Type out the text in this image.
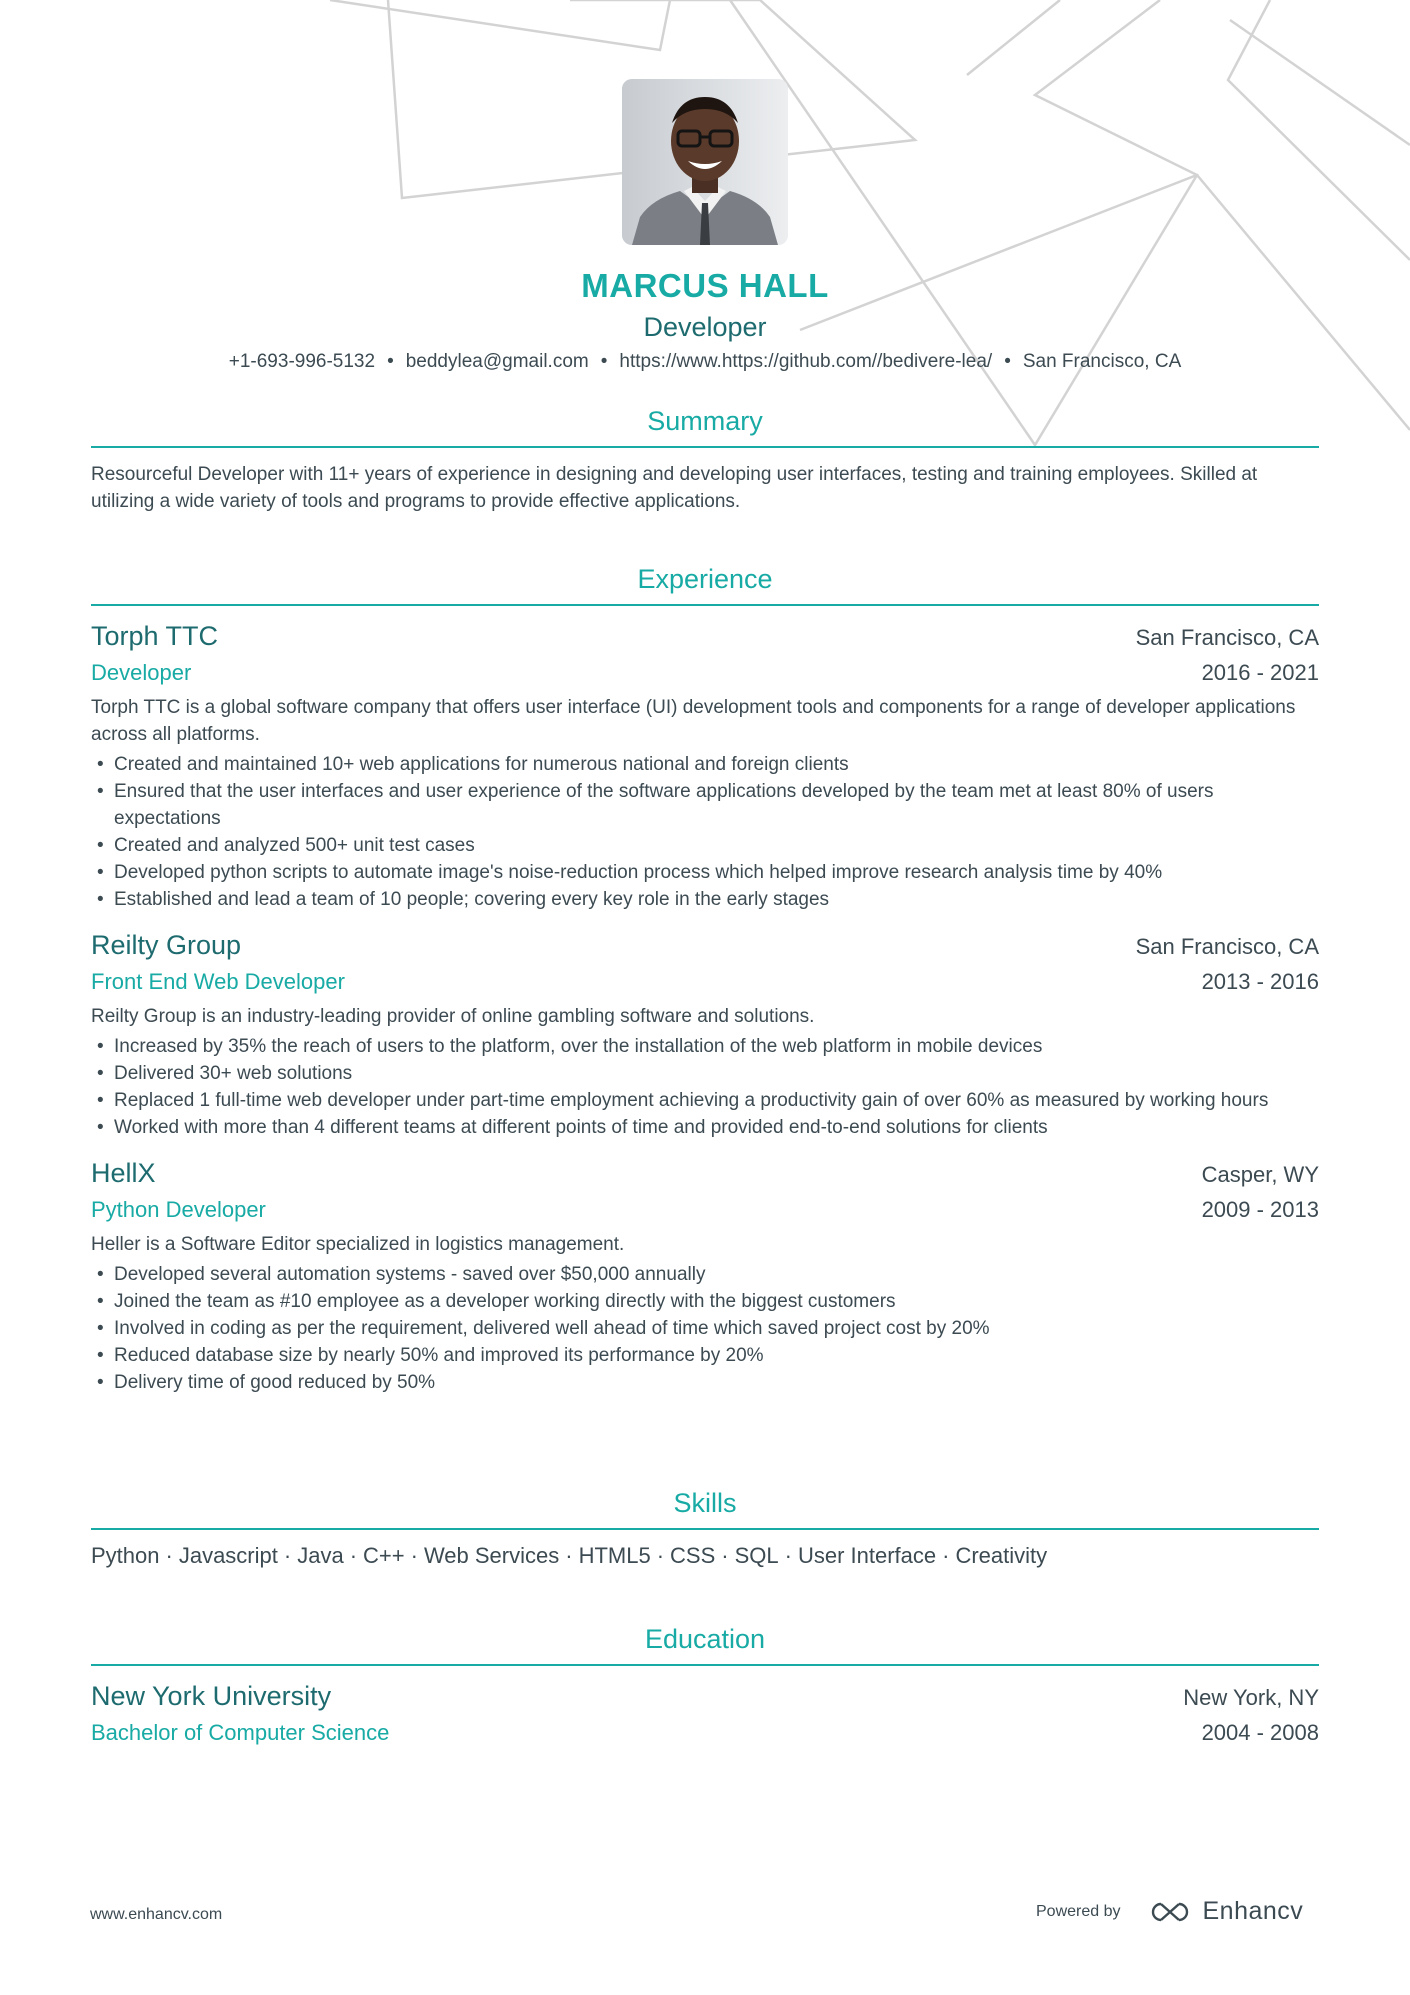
MARCUS HALL
Developer
+1-693-996-5132 • beddylea@gmail.com • https://www.https://github.com//bedivere-lea/ • San Francisco, CA
Summary
Resourceful Developer with 11+ years of experience in designing and developing user interfaces, testing and training employees. Skilled at utilizing a wide variety of tools and programs to provide effective applications.
Experience
Torph TTC	San Francisco, CA
Developer	2016 - 2021
Torph TTC is a global software company that offers user interface (UI) development tools and components for a range of developer applications across all platforms.
• Created and maintained 10+ web applications for numerous national and foreign clients
• Ensured that the user interfaces and user experience of the software applications developed by the team met at least 80% of users expectations
• Created and analyzed 500+ unit test cases
• Developed python scripts to automate image's noise-reduction process which helped improve research analysis time by 40%
• Established and lead a team of 10 people; covering every key role in the early stages
Reilty Group	San Francisco, CA
Front End Web Developer	2013 - 2016
Reilty Group is an industry-leading provider of online gambling software and solutions.
• Increased by 35% the reach of users to the platform, over the installation of the web platform in mobile devices
• Delivered 30+ web solutions
• Replaced 1 full-time web developer under part-time employment achieving a productivity gain of over 60% as measured by working hours
• Worked with more than 4 different teams at different points of time and provided end-to-end solutions for clients
HellX	Casper, WY
Python Developer	2009 - 2013
Heller is a Software Editor specialized in logistics management.
• Developed several automation systems - saved over $50,000 annually
• Joined the team as #10 employee as a developer working directly with the biggest customers
• Involved in coding as per the requirement, delivered well ahead of time which saved project cost by 20%
• Reduced database size by nearly 50% and improved its performance by 20%
• Delivery time of good reduced by 50%
Skills
Python · Javascript · Java · C++ · Web Services · HTML5 · CSS · SQL · User Interface · Creativity
Education
New York University	New York, NY
Bachelor of Computer Science	2004 - 2008
www.enhancv.com	Powered by	Enhancv
